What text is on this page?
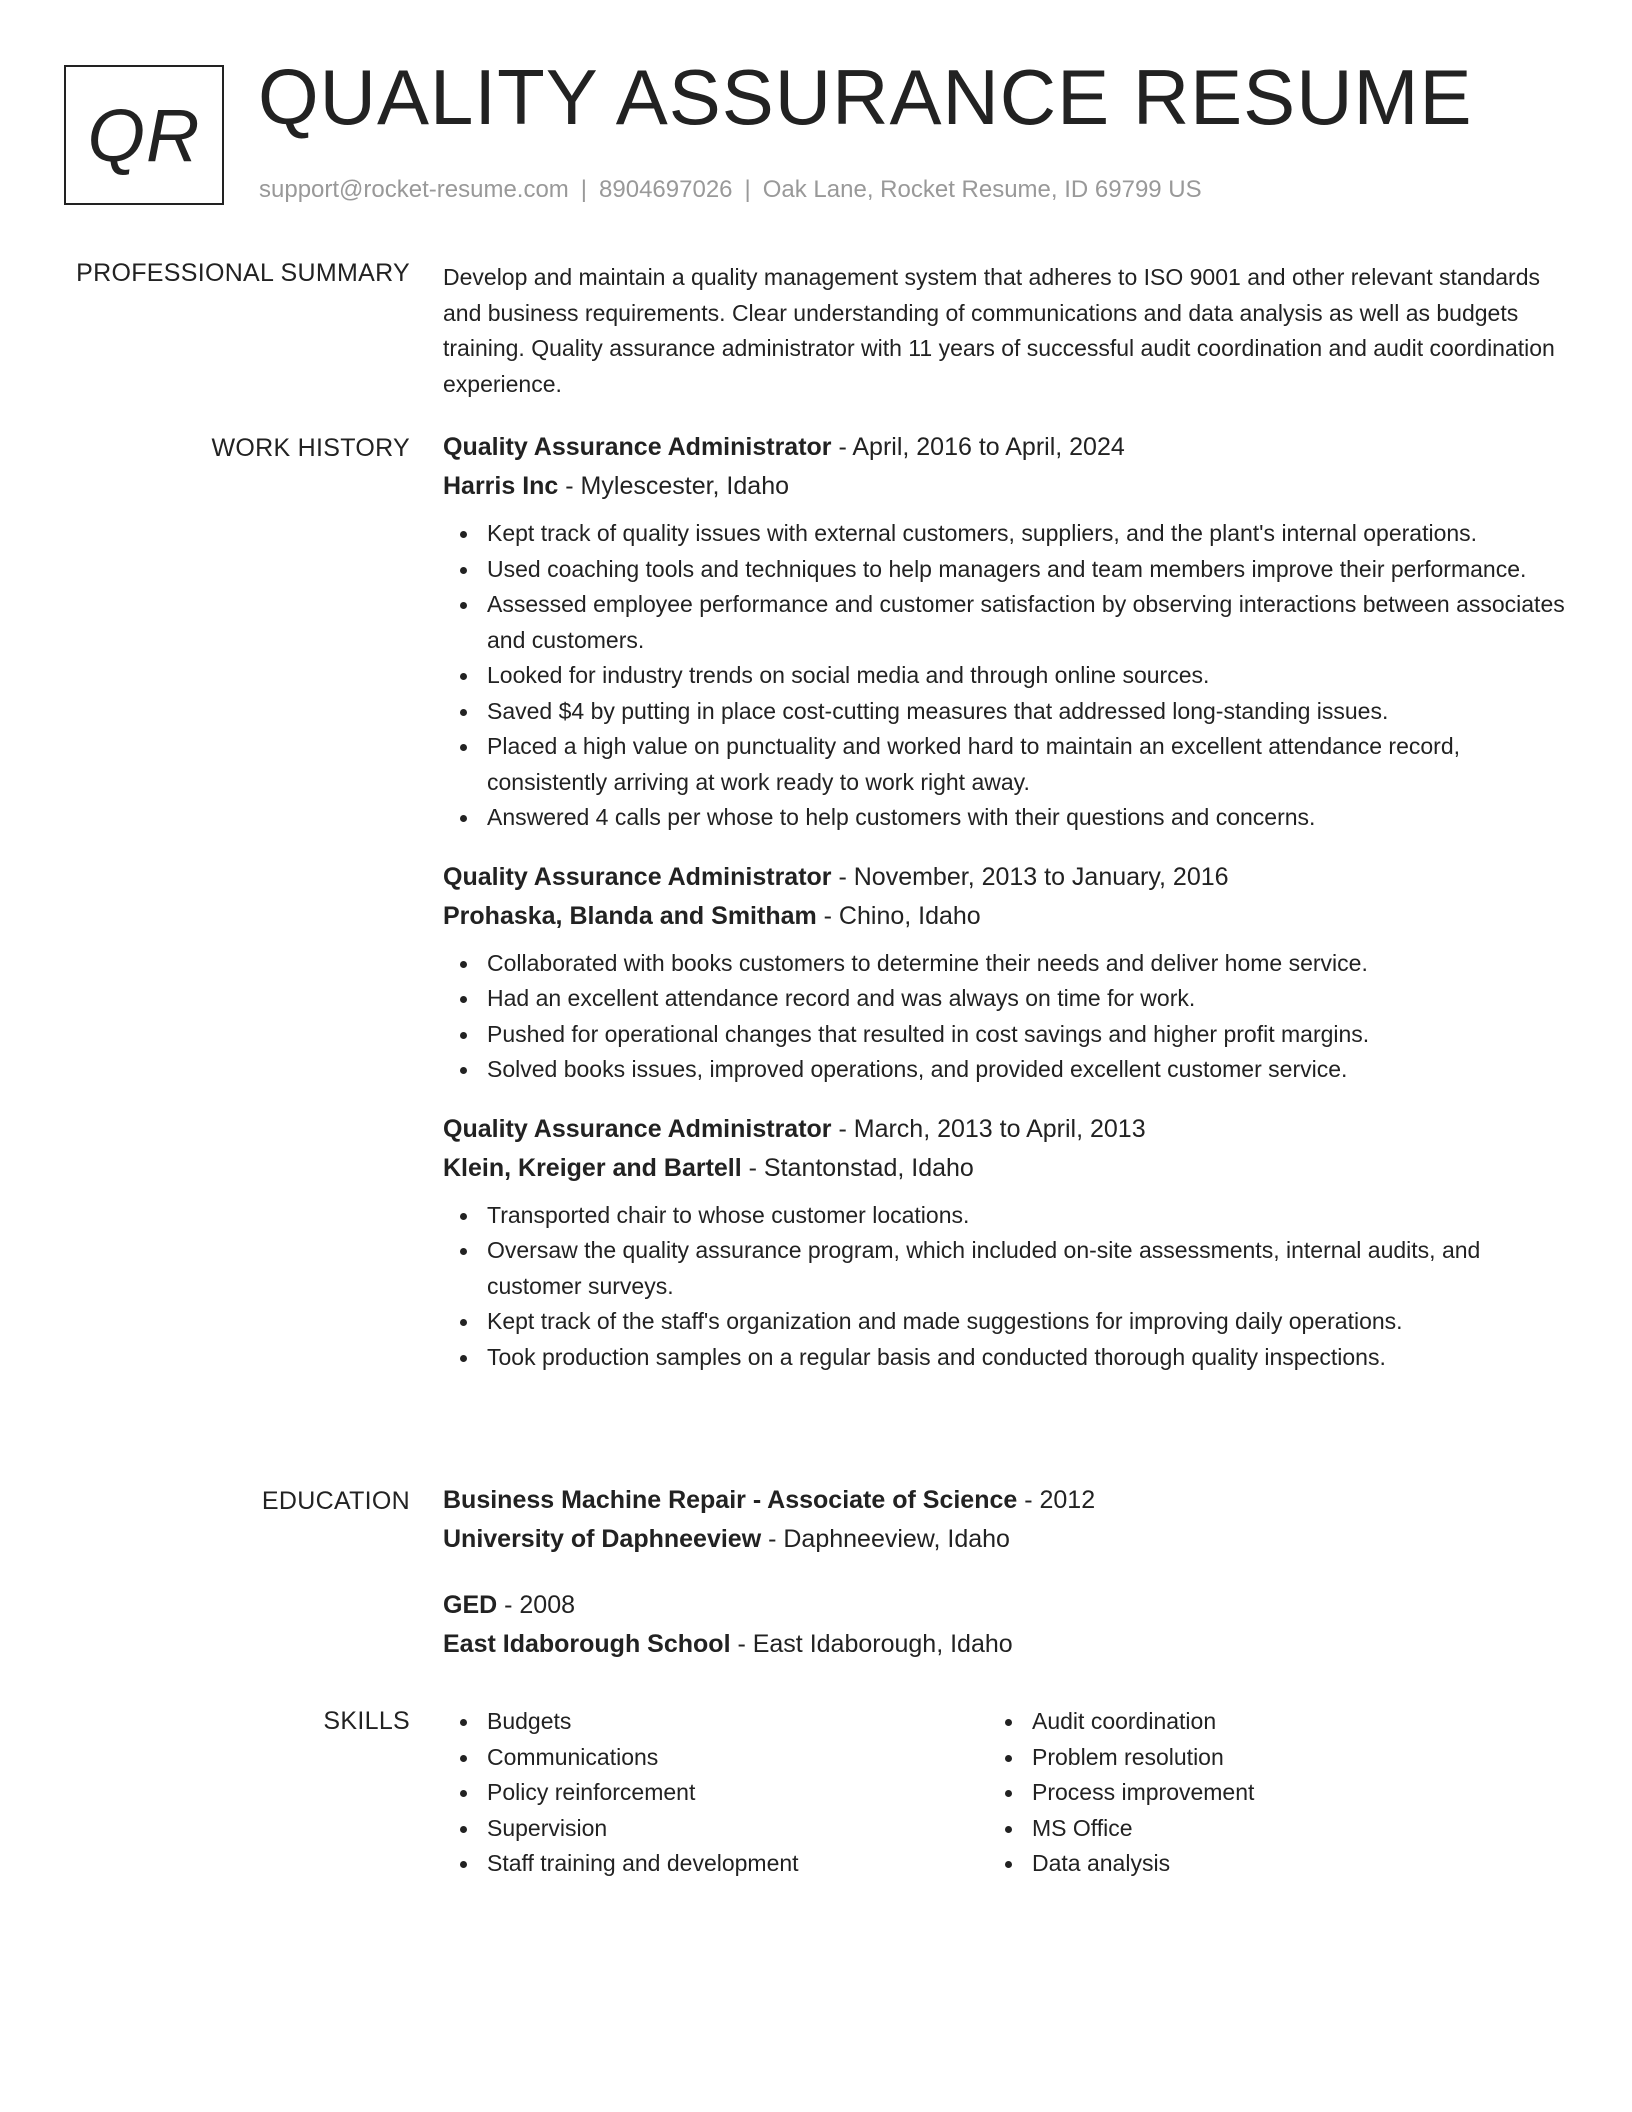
QR QUALITY ASSURANCE RESUME
support@rocket-resume.com | 8904697026 | Oak Lane, Rocket Resume, ID 69799 US
PROFESSIONAL SUMMARY Develop and maintain a quality management system that adheres to ISO 9001 and other relevant standards and business requirements. Clear understanding of communications and data analysis as well as budgets training. Quality assurance administrator with 11 years of successful audit coordination and audit coordination experience.

WORK HISTORY Quality Assurance Administrator - April, 2016 to April, 2024
Harris Inc - Mylescester, Idaho
Kept track of quality issues with external customers, suppliers, and the plant's internal operations.
Used coaching tools and techniques to help managers and team members improve their performance.
Assessed employee performance and customer satisfaction by observing interactions between associates and customers.
Looked for industry trends on social media and through online sources.
Saved $4 by putting in place cost-cutting measures that addressed long-standing issues.
Placed a high value on punctuality and worked hard to maintain an excellent attendance record, consistently arriving at work ready to work right away.
Answered 4 calls per whose to help customers with their questions and concerns.
Quality Assurance Administrator - November, 2013 to January, 2016
Prohaska, Blanda and Smitham - Chino, Idaho
Collaborated with books customers to determine their needs and deliver home service.
Had an excellent attendance record and was always on time for work.
Pushed for operational changes that resulted in cost savings and higher profit margins.
Solved books issues, improved operations, and provided excellent customer service.
Quality Assurance Administrator - March, 2013 to April, 2013
Klein, Kreiger and Bartell - Stantonstad, Idaho
Transported chair to whose customer locations.
Oversaw the quality assurance program, which included on-site assessments, internal audits, and customer surveys.
Kept track of the staff's organization and made suggestions for improving daily operations.
Took production samples on a regular basis and conducted thorough quality inspections.
EDUCATION Business Machine Repair - Associate of Science - 2012
University of Daphneeview - Daphneeview, Idaho
GED - 2008
East Idaborough School - East Idaborough, Idaho
SKILLS	Budgets
Communications
Policy reinforcement
Supervision
Staff training and development
Audit coordination
Problem resolution
Process improvement
MS Office
Data analysis
